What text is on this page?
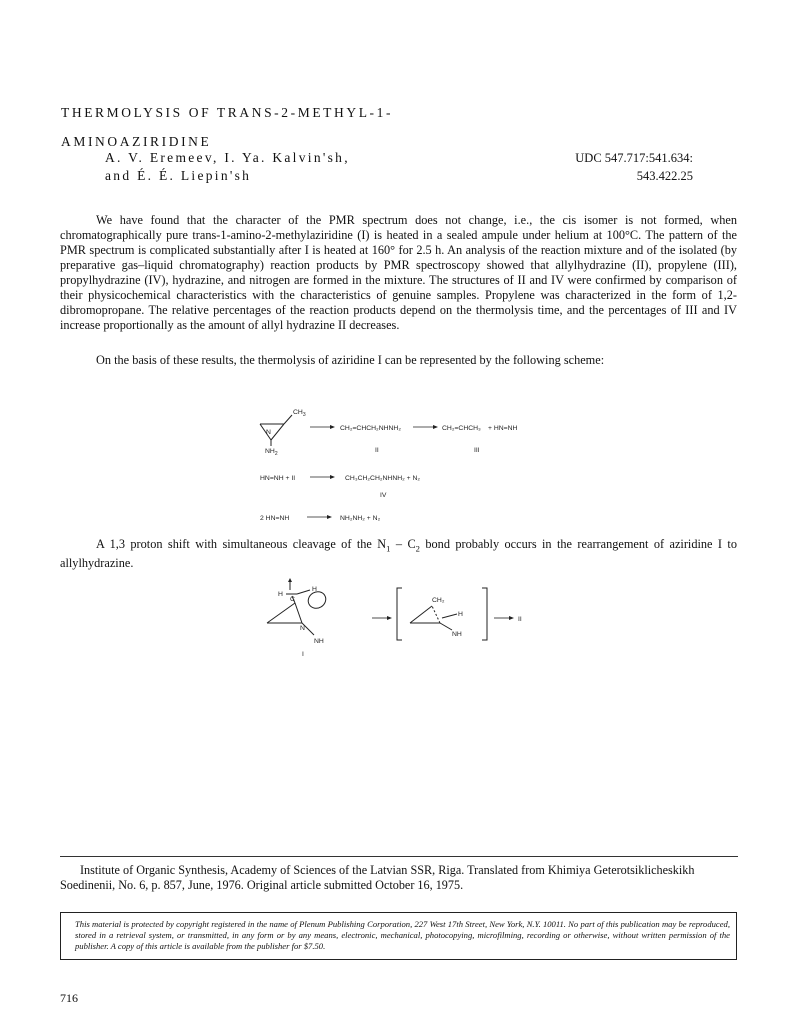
THERMOLYSIS OF TRANS-2-METHYL-1-
AMINOAZIRIDINE
A. V. Eremeev, I. Ya. Kalvin'sh,
and É. É. Liepin'sh
UDC 547.717:541.634:
543.422.25

We have found that the character of the PMR spectrum does not change, i.e., the cis isomer is not formed, when chromatographically pure trans-1-amino-2-methylaziridine (I) is heated in a sealed ampule under helium at 100°C. The pattern of the PMR spectrum is complicated substantially after I is heated at 160° for 2.5 h. An analysis of the reaction mixture and of the isolated (by preparative gas–liquid chromatography) reaction products by PMR spectroscopy showed that allylhydrazine (II), propylene (III), propylhydrazine (IV), hydrazine, and nitrogen are formed in the mixture. The structures of II and IV were confirmed by comparison of their physicochemical characteristics with the characteristics of genuine samples. Propylene was characterized in the form of 1,2-dibromopropane. The relative percentages of the reaction products depend on the thermolysis time, and the percentages of III and IV increase proportionally as the amount of allyl hydrazine II decreases.

On the basis of these results, the thermolysis of aziridine I can be represented by the following scheme:

$CH_3$
N
$NH_2$
CH₂=CHCH₂NHNH₂	CH₂=CHCH₃ + HN=NH
II	III
HN=NH + II	CH₃CH₂CH₂NHNH₂ + N₂
IV
2 HN=NH	NH₂NH₂ + N₂

A 1,3 proton shift with simultaneous cleavage of the $N_1 - C_2$ bond probably occurs in the rearrangement of aziridine I to allylhydrazine.

H
C
H
N
NH
I
CH₂
H
NH
II
Institute of Organic Synthesis, Academy of Sciences of the Latvian SSR, Riga. Translated from Khimiya Geterotsiklicheskikh Soedinenii, No. 6, p. 857, June, 1976. Original article submitted October 16, 1975.
This material is protected by copyright registered in the name of Plenum Publishing Corporation, 227 West 17th Street, New York, N.Y. 10011. No part of this publication may be reproduced, stored in a retrieval system, or transmitted, in any form or by any means, electronic, mechanical, photocopying, microfilming, recording or otherwise, without written permission of the publisher. A copy of this article is available from the publisher for $7.50.
716
